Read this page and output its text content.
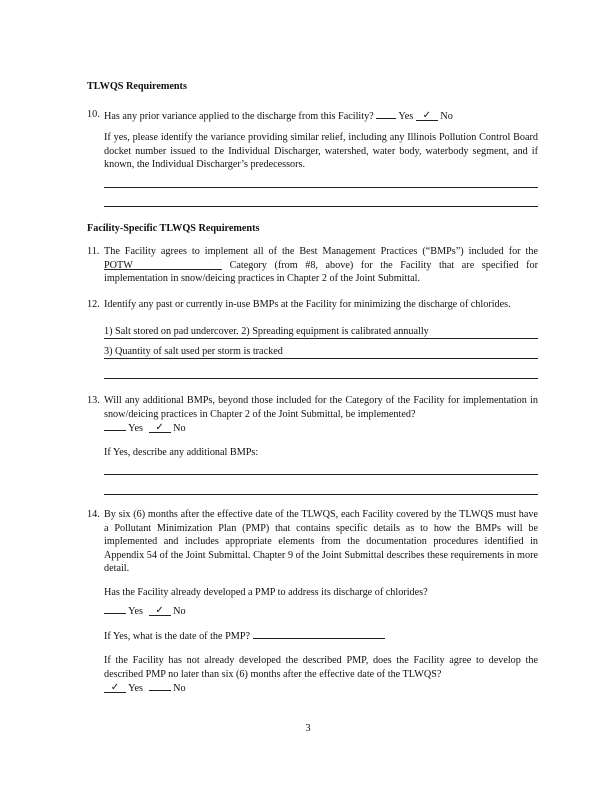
TLWQS Requirements
10. Has any prior variance applied to the discharge from this Facility? Yes ✓ No
If yes, please identify the variance providing similar relief, including any Illinois Pollution Control Board docket number issued to the Individual Discharger, watershed, water body, waterbody segment, and if known, the Individual Discharger’s predecessors.
Facility-Specific TLWQS Requirements
11. The Facility agrees to implement all of the Best Management Practices (“BMPs”) included for the POTW	Category (from #8, above) for the Facility that are specified for implementation in snow/deicing practices in Chapter 2 of the Joint Submittal.
12. Identify any past or currently in-use BMPs at the Facility for minimizing the discharge of chlorides.
1) Salt stored on pad undercover. 2) Spreading equipment is calibrated annually
3) Quantity of salt used per storm is tracked
13. Will any additional BMPs, beyond those included for the Category of the Facility for implementation in snow/deicing practices in Chapter 2 of the Joint Submittal, be implemented?
Yes ✓ No
If Yes, describe any additional BMPs:
14. By six (6) months after the effective date of the TLWQS, each Facility covered by the TLWQS must have a Pollutant Minimization Plan (PMP) that contains specific details as to how the BMPs will be implemented and includes appropriate elements from the documentation procedures identified in Appendix 54 of the Joint Submittal. Chapter 9 of the Joint Submittal describes these requirements in more detail.
Has the Facility already developed a PMP to address its discharge of chlorides?
Yes ✓ No
If Yes, what is the date of the PMP?
If the Facility has not already developed the described PMP, does the Facility agree to develop the described PMP no later than six (6) months after the effective date of the TLWQS?
✓ Yes	No
3
